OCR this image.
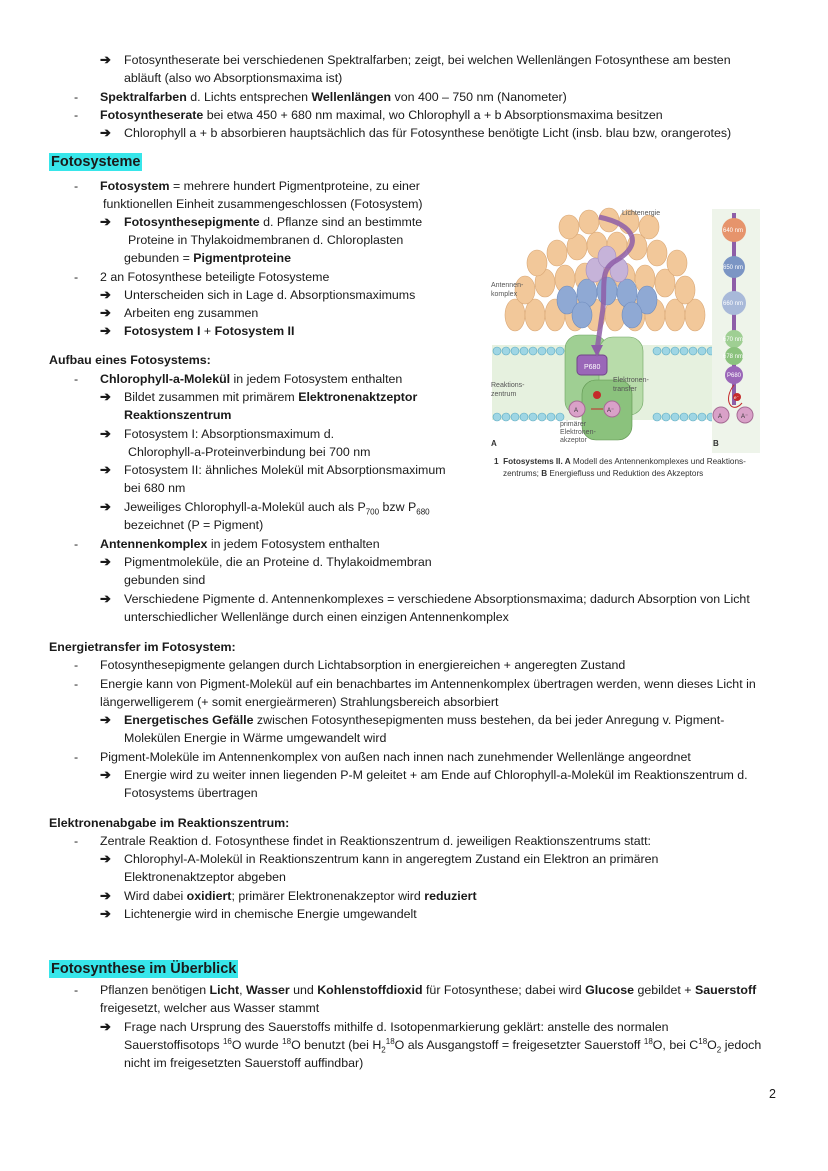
➔ Fotosyntheserate bei verschiedenen Spektralfarben; zeigt, bei welchen Wellenlängen Fotosynthese am besten
abläuft (also wo Absorptionsmaxima ist)
- Spektralfarben d. Lichts entsprechen Wellenlängen von 400 – 750 nm (Nanometer)
- Fotosyntheserate bei etwa 450 + 680 nm maximal, wo Chlorophyll a + b Absorptionsmaxima besitzen
➔ Chlorophyll a + b absorbieren hauptsächlich das für Fotosynthese benötigte Licht (insb. blau bzw, orangerotes)
Fotosysteme
- Fotosystem = mehrere hundert Pigmentproteine, zu einer
funktionellen Einheit zusammengeschlossen (Fotosystem)
➔ Fotosynthesepigmente d. Pflanze sind an bestimmte
Proteine in Thylakoidmembranen d. Chloroplasten
gebunden = Pigmentproteine
- 2 an Fotosynthese beteiligte Fotosysteme
➔ Unterscheiden sich in Lage d. Absorptionsmaximums
➔ Arbeiten eng zusammen
➔ Fotosystem I + Fotosystem II
Aufbau eines Fotosystems:
- Chlorophyll-a-Molekül in jedem Fotosystem enthalten
➔ Bildet zusammen mit primärem Elektronenaktzeptor
Reaktionszentrum
➔ Fotosystem I: Absorptionsmaximum d.
Chlorophyll-a-Proteinverbindung bei 700 nm
➔ Fotosystem II: ähnliches Molekül mit Absorptionsmaximum
bei 680 nm
➔ Jeweiliges Chlorophyll-a-Molekül auch als $P_{700}$ bzw $P_{680}$
bezeichnet (P = Pigment)
- Antennenkomplex in jedem Fotosystem enthalten
➔ Pigmentmoleküle, die an Proteine d. Thylakoidmembran
gebunden sind
➔ Verschiedene Pigmente d. Antennenkomplexes = verschiedene Absorptionsmaxima; dadurch Absorption von Licht
unterschiedlicher Wellenlänge durch einen einzigen Antennenkomplex
P680
A	A⁻
Lichtenergie
Antennen-
komplex
Reaktions-
zentrum
Elektronen-
transfer
primärer
Elektronen-
akzeptor
A
640 nm
650 nm
660 nm
670 nm
678 nm
P680
e⁻
A	A⁻
B
1 Fotosystems II. A Modell des Antennenkomplexes und Reaktions-
zentrums; B Energiefluss und Reduktion des Akzeptors
Energietransfer im Fotosystem:
- Fotosynthesepigmente gelangen durch Lichtabsorption in energiereichen + angeregten Zustand
- Energie kann von Pigment-Molekül auf ein benachbartes im Antennenkomplex übertragen werden, wenn dieses Licht in
längerwelligerem (+ somit energieärmeren) Strahlungsbereich absorbiert
➔ Energetisches Gefälle zwischen Fotosynthesepigmenten muss bestehen, da bei jeder Anregung v. Pigment-
Molekülen Energie in Wärme umgewandelt wird
- Pigment-Moleküle im Antennenkomplex von außen nach innen nach zunehmender Wellenlänge angeordnet
➔ Energie wird zu weiter innen liegenden P-M geleitet + am Ende auf Chlorophyll-a-Molekül im Reaktionszentrum d.
Fotosystems übertragen
Elektronenabgabe im Reaktionszentrum:
- Zentrale Reaktion d. Fotosynthese findet in Reaktionszentrum d. jeweiligen Reaktionszentrums statt:
➔ Chlorophyl-A-Molekül in Reaktionszentrum kann in angeregtem Zustand ein Elektron an primären
Elektronenaktzeptor abgeben
➔ Wird dabei oxidiert; primärer Elektronenakzeptor wird reduziert
➔ Lichtenergie wird in chemische Energie umgewandelt
Fotosynthese im Überblick
- Pflanzen benötigen Licht, Wasser und Kohlenstoffdioxid für Fotosynthese; dabei wird Glucose gebildet + Sauerstoff
freigesetzt, welcher aus Wasser stammt
➔ Frage nach Ursprung des Sauerstoffs mithilfe d. Isotopenmarkierung geklärt: anstelle des normalen
Sauerstoffisotops $^{16}$O wurde $^{18}$O benutzt (bei $H_2^{18}O$ als Ausgangstoff = freigesetzter Sauerstoff $^{18}$O, bei $C^{18}O_2$ jedoch
nicht im freigesetzten Sauerstoff auffindbar)
2
